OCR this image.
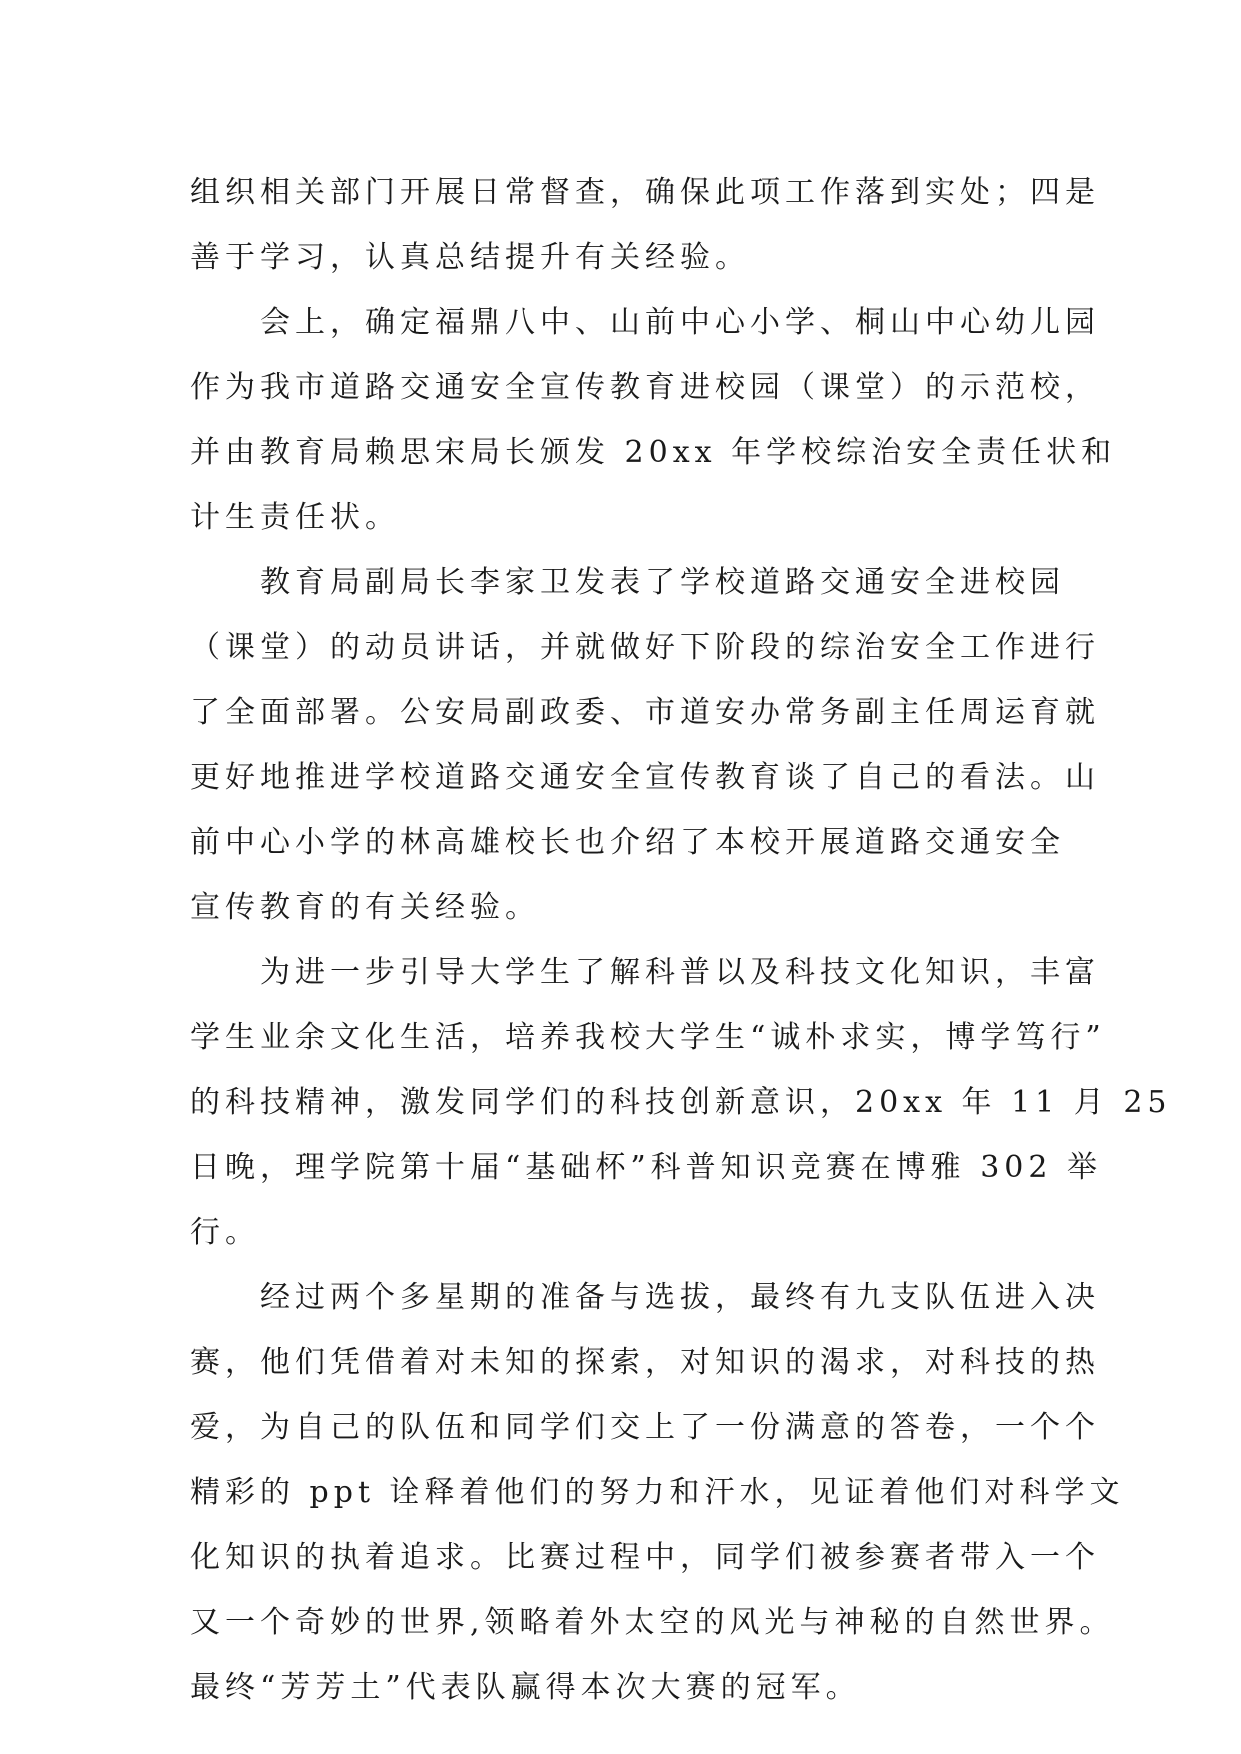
组织相关部门开展日常督查，确保此项工作落到实处；四是
善于学习，认真总结提升有关经验。
会上，确定福鼎八中、山前中心小学、桐山中心幼儿园
作为我市道路交通安全宣传教育进校园（课堂）的示范校，
并由教育局赖思宋局长颁发 20xx 年学校综治安全责任状和
计生责任状。
教育局副局长李家卫发表了学校道路交通安全进校园
（课堂）的动员讲话，并就做好下阶段的综治安全工作进行
了全面部署。公安局副政委、市道安办常务副主任周运育就
更好地推进学校道路交通安全宣传教育谈了自己的看法。山
前中心小学的林高雄校长也介绍了本校开展道路交通安全
宣传教育的有关经验。
为进一步引导大学生了解科普以及科技文化知识，丰富
学生业余文化生活，培养我校大学生“诚朴求实，博学笃行”
的科技精神，激发同学们的科技创新意识，20xx 年 11 月 25
日晚，理学院第十届“基础杯”科普知识竞赛在博雅 302 举
行。
经过两个多星期的准备与选拔，最终有九支队伍进入决
赛，他们凭借着对未知的探索，对知识的渴求，对科技的热
爱，为自己的队伍和同学们交上了一份满意的答卷，一个个
精彩的 ppt 诠释着他们的努力和汗水，见证着他们对科学文
化知识的执着追求。比赛过程中，同学们被参赛者带入一个
又一个奇妙的世界,领略着外太空的风光与神秘的自然世界。
最终“芳芳土”代表队赢得本次大赛的冠军。
